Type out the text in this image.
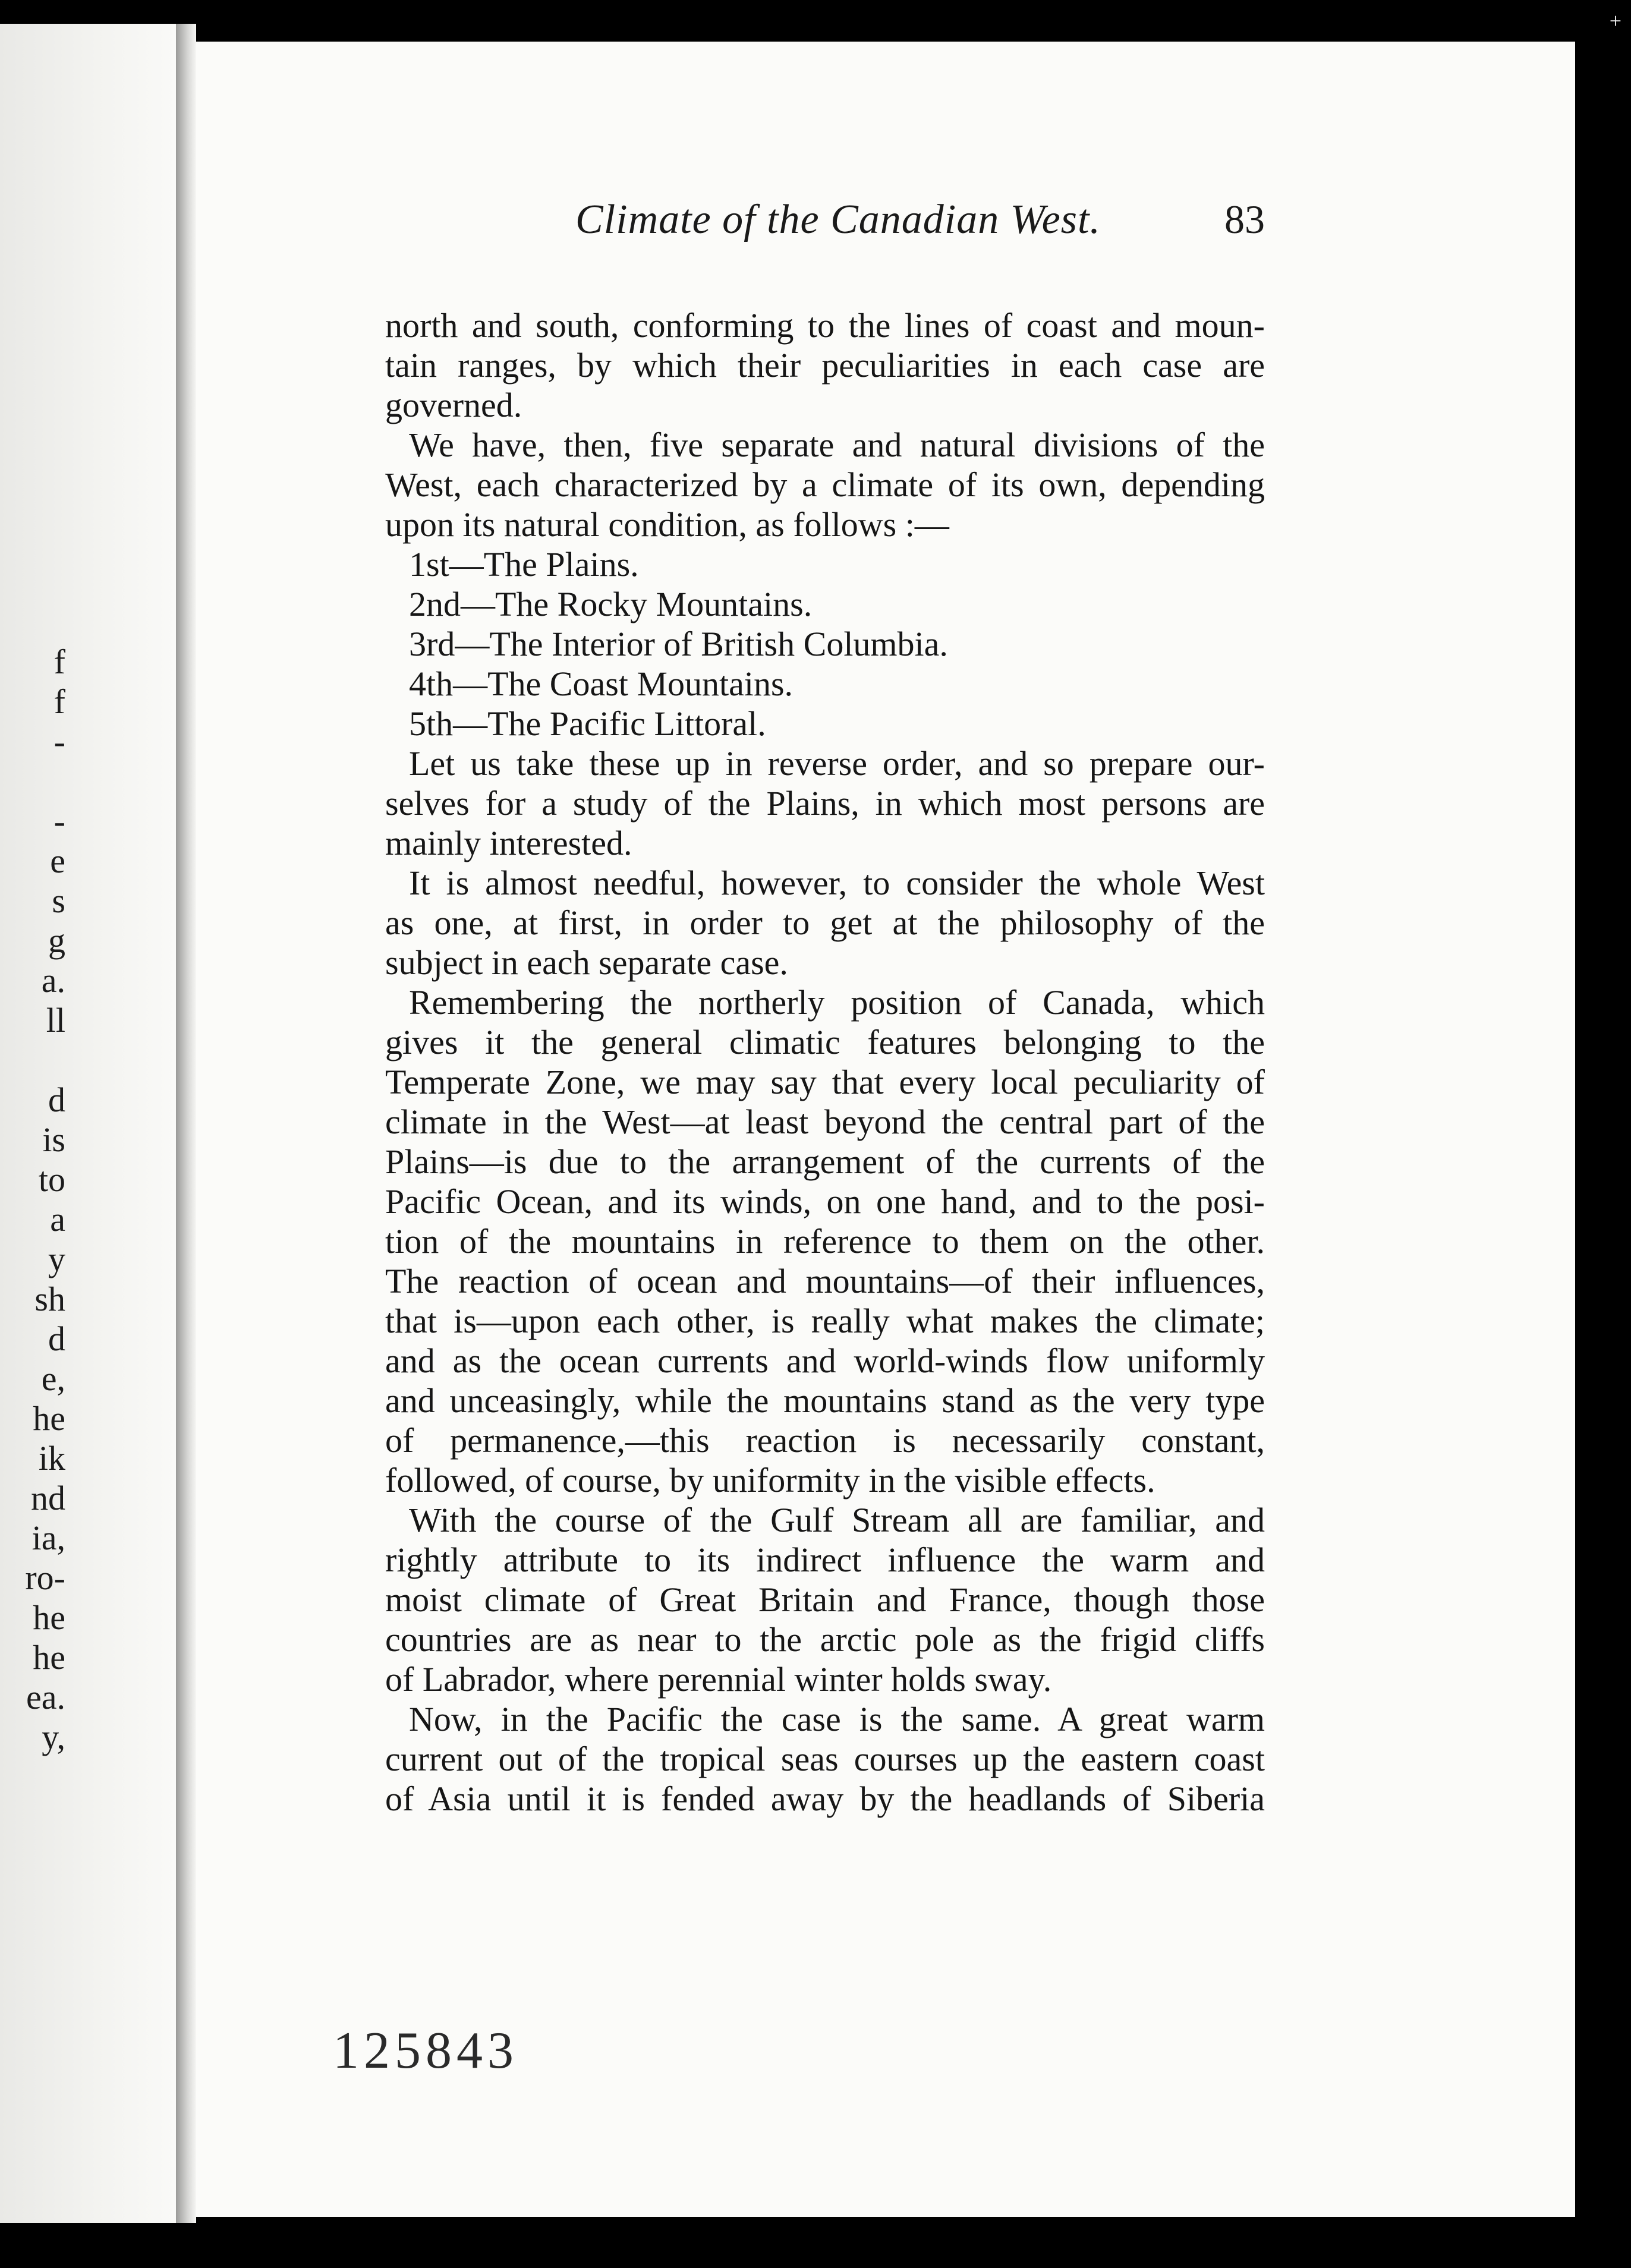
f
f
-
-
e
s
g
a.
ll
d
is
to
a
y
sh
d
e,
he
ik
nd
ia,
ro-
he
he
ea.
y,
Climate of the Canadian West.	83
north and south, conforming to the lines of coast and moun-
tain ranges, by which their peculiarities in each case are
governed.
We have, then, five separate and natural divisions of the
West, each characterized by a climate of its own, depending
upon its natural condition, as follows :—
1st—The Plains.
2nd—The Rocky Mountains.
3rd—The Interior of British Columbia.
4th—The Coast Mountains.
5th—The Pacific Littoral.
Let us take these up in reverse order, and so prepare our-
selves for a study of the Plains, in which most persons are
mainly interested.
It is almost needful, however, to consider the whole West
as one, at first, in order to get at the philosophy of the
subject in each separate case.
Remembering the northerly position of Canada, which
gives it the general climatic features belonging to the
Temperate Zone, we may say that every local peculiarity of
climate in the West—at least beyond the central part of the
Plains—is due to the arrangement of the currents of the
Pacific Ocean, and its winds, on one hand, and to the posi-
tion of the mountains in reference to them on the other.
The reaction of ocean and mountains—of their influences,
that is—upon each other, is really what makes the climate;
and as the ocean currents and world-winds flow uniformly
and unceasingly, while the mountains stand as the very type
of permanence,—this reaction is necessarily constant,
followed, of course, by uniformity in the visible effects.
With the course of the Gulf Stream all are familiar, and
rightly attribute to its indirect influence the warm and
moist climate of Great Britain and France, though those
countries are as near to the arctic pole as the frigid cliffs
of Labrador, where perennial winter holds sway.
Now, in the Pacific the case is the same. A great warm
current out of the tropical seas courses up the eastern coast
of Asia until it is fended away by the headlands of Siberia
125843
+
